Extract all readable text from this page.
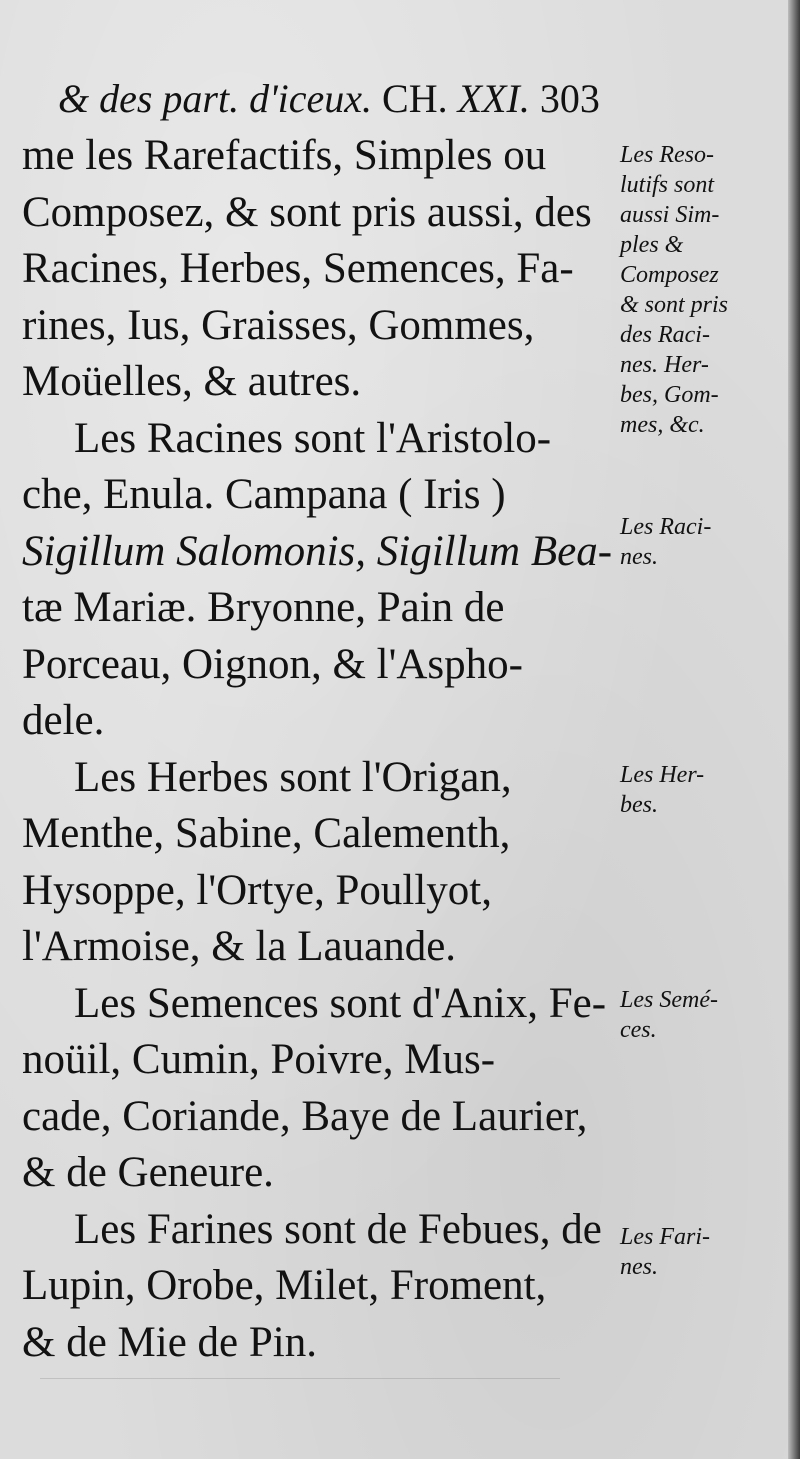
& des part. d'iceux. CH. XXI. 303
me les Rarefactifs, Simples ou
Composez, & sont pris aussi, des
Racines, Herbes, Semences, Fa-
rines, Ius, Graisses, Gommes,
Moüelles, & autres.
Les Racines sont l'Aristolo-
che, Enula. Campana ( Iris )
Sigillum Salomonis, Sigillum Bea-
tæ Mariæ. Bryonne, Pain de
Porceau, Oignon, & l'Aspho-
dele.
Les Herbes sont l'Origan,
Menthe, Sabine, Calementh,
Hysoppe, l'Ortye, Poullyot,
l'Armoise, & la Lauande.
Les Semences sont d'Anix, Fe-
noüil, Cumin, Poivre, Mus-
cade, Coriande, Baye de Laurier,
& de Geneure.
Les Farines sont de Febues, de
Lupin, Orobe, Milet, Froment,
& de Mie de Pin.
Les Reso-
lutifs sont
aussi Sim-
ples &
Composez
& sont pris
des Raci-
nes. Her-
bes, Gom-
mes, &c.
Les Raci-
nes.
Les Her-
bes.
Les Semé-
ces.
Les Fari-
nes.
